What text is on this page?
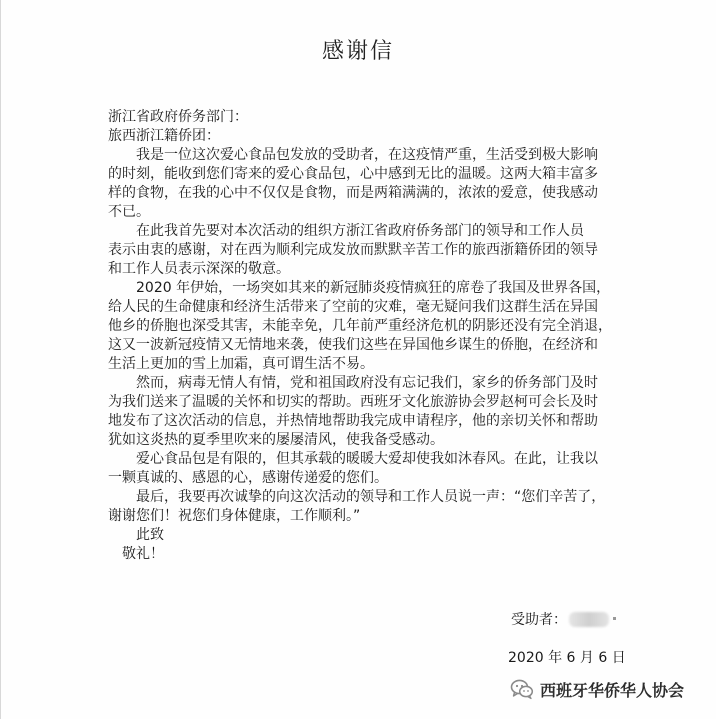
感谢信
浙江省政府侨务部门：
旅西浙江籍侨团：
　　我是一位这次爱心食品包发放的受助者，在这疫情严重，生活受到极大影响
的时刻，能收到您们寄来的爱心食品包，心中感到无比的温暖。这两大箱丰富多
样的食物，在我的心中不仅仅是食物，而是两箱满满的，浓浓的爱意，使我感动
不已。
　　在此我首先要对本次活动的组织方浙江省政府侨务部门的领导和工作人员
表示由衷的感谢，对在西为顺利完成发放而默默辛苦工作的旅西浙籍侨团的领导
和工作人员表示深深的敬意。
　　2020 年伊始，一场突如其来的新冠肺炎疫情疯狂的席卷了我国及世界各国，
给人民的生命健康和经济生活带来了空前的灾难，毫无疑问我们这群生活在异国
他乡的侨胞也深受其害，未能幸免，几年前严重经济危机的阴影还没有完全消退，
这又一波新冠疫情又无情地来袭，使我们这些在异国他乡谋生的侨胞，在经济和
生活上更加的雪上加霜，真可谓生活不易。
　　然而，病毒无情人有情，党和祖国政府没有忘记我们，家乡的侨务部门及时
为我们送来了温暖的关怀和切实的帮助。西班牙文化旅游协会罗赵柯可会长及时
地发布了这次活动的信息，并热情地帮助我完成申请程序，他的亲切关怀和帮助
犹如这炎热的夏季里吹来的屡屡清风，使我备受感动。
　　爱心食品包是有限的，但其承载的暖暖大爱却使我如沐春风。在此，让我以
一颗真诚的、感恩的心，感谢传递爱的您们。
　　最后，我要再次诚挚的向这次活动的领导和工作人员说一声：“您们辛苦了，
谢谢您们！祝您们身体健康，工作顺利。”
　　此致
　敬礼！
受助者：
2020 年 6 月 6 日
西班牙华侨华人协会
